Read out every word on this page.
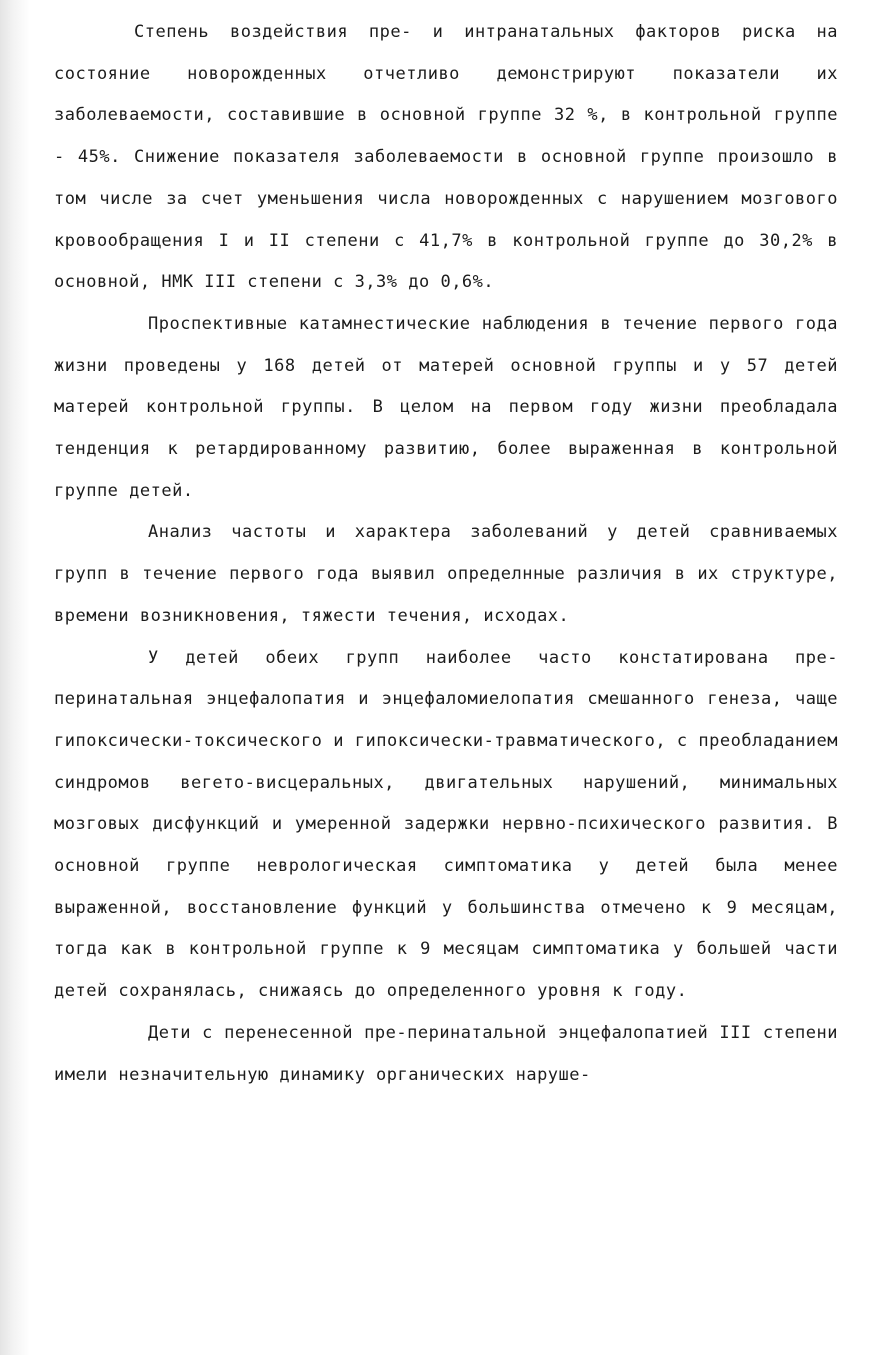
Степень воздействия пре- и интранатальных факторов риска на состояние новорожденных отчетливо демонстрируют показатели их заболеваемости, составившие в основной группе 32 %, в контрольной группе - 45%. Снижение показателя заболеваемости в основной группе произошло в том числе за счет уменьшения числа новорожденных с нарушением мозгового кровообращения I и II степени с 41,7% в контрольной группе до 30,2% в основной, НМК III степени с 3,3% до 0,6%.

Проспективные катамнестические наблюдения в течение первого года жизни проведены у 168 детей от матерей основной группы и у 57 детей матерей контрольной группы. В целом на первом году жизни преобладала тенденция к ретардированному развитию, более выраженная в контрольной группе детей.

Анализ частоты и характера заболеваний у детей сравниваемых групп в течение первого года выявил определнные различия в их структуре, времени возникновения, тяжести течения, исходах.

У детей обеих групп наиболее часто констатирована пре-перинатальная энцефалопатия и энцефаломиелопатия смешанного генеза, чаще гипоксически-токсического и гипоксически-травматического, с преобладанием синдромов вегето-висцеральных, двигательных нарушений, минимальных мозговых дисфункций и умеренной задержки нервно-психического развития. В основной группе неврологическая симптоматика у детей была менее выраженной, восстановление функций у большинства отмечено к 9 месяцам, тогда как в контрольной группе к 9 месяцам симптоматика у большей части детей сохранялась, снижаясь до определенного уровня к году.

Дети с перенесенной пре-перинатальной энцефалопатией III степени имели незначительную динамику органических наруше-
